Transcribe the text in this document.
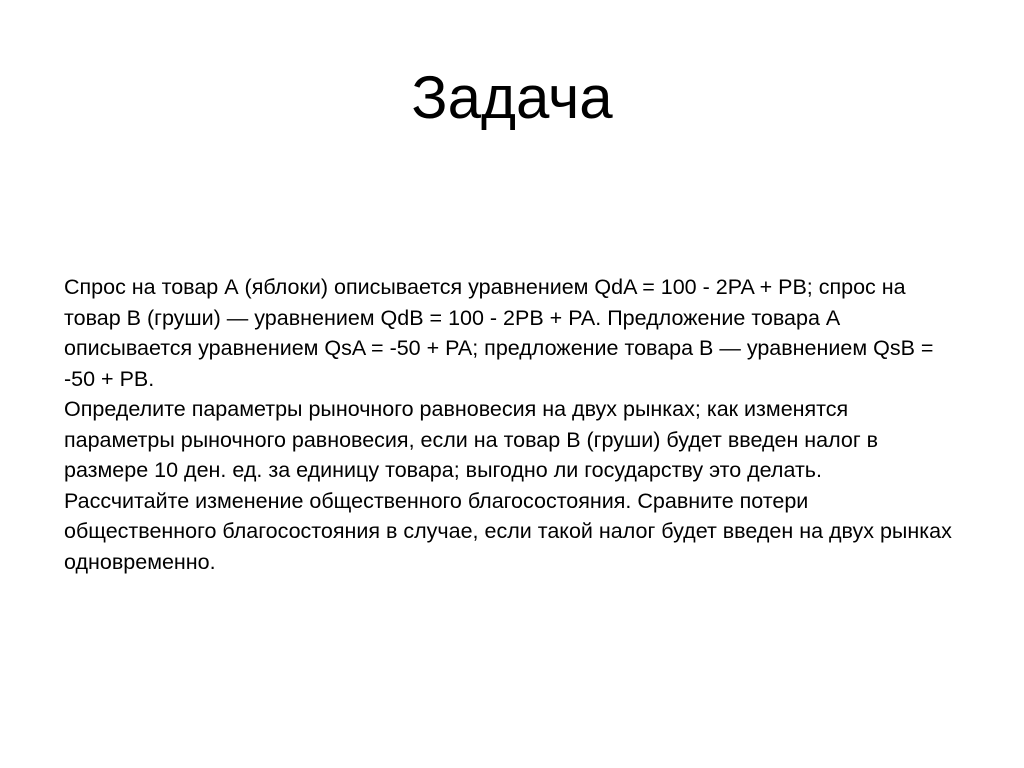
Задача

Спрос на товар А (яблоки) описывается уравнением QdA = 100 - 2PA + PB; спрос на товар В (груши) — уравнением QdB = 100 - 2PB + PA. Предложение товара А описывается уравнением QsA = -50 + PA; предложение товара В — уравнением QsB = -50 + PB.

Определите параметры рыночного равновесия на двух рынках; как изменятся параметры рыночного равновесия, если на товар В (груши) будет введен налог в размере 10 ден. ед. за единицу товара; выгодно ли государству это делать.

Рассчитайте изменение общественного благосостояния. Сравните потери общественного благосостояния в случае, если такой налог будет введен на двух рынках одновременно.
